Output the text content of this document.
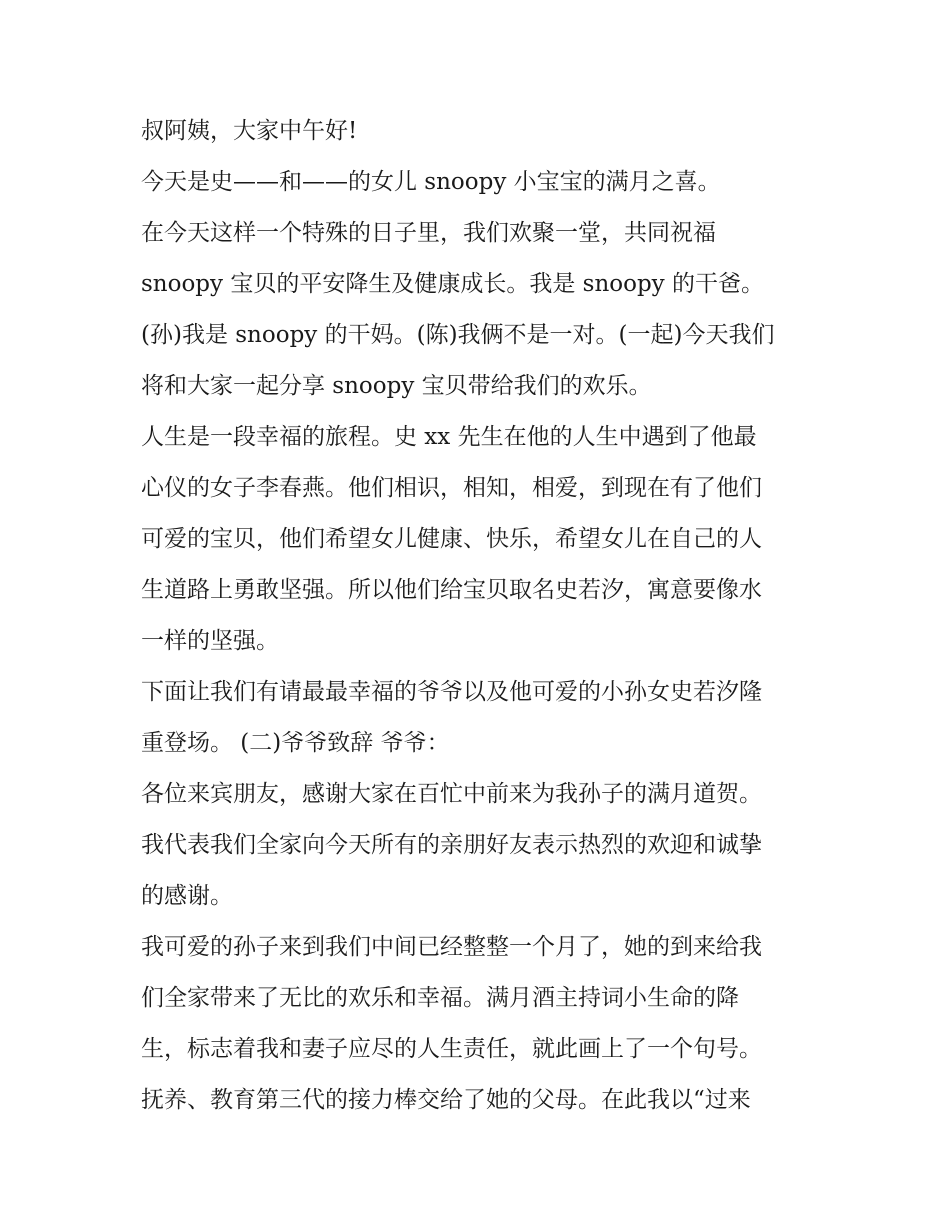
叔阿姨，大家中午好!
今天是史——和——的女儿 snoopy 小宝宝的满月之喜。
在今天这样一个特殊的日子里，我们欢聚一堂，共同祝福
snoopy 宝贝的平安降生及健康成长。我是 snoopy 的干爸。
(孙)我是 snoopy 的干妈。(陈)我俩不是一对。(一起)今天我们
将和大家一起分享 snoopy 宝贝带给我们的欢乐。
人生是一段幸福的旅程。史 xx 先生在他的人生中遇到了他最
心仪的女子李春燕。他们相识，相知，相爱，到现在有了他们
可爱的宝贝，他们希望女儿健康、快乐，希望女儿在自己的人
生道路上勇敢坚强。所以他们给宝贝取名史若汐，寓意要像水
一样的坚强。
下面让我们有请最最幸福的爷爷以及他可爱的小孙女史若汐隆
重登场。 (二)爷爷致辞 爷爷：
各位来宾朋友，感谢大家在百忙中前来为我孙子的满月道贺。
我代表我们全家向今天所有的亲朋好友表示热烈的欢迎和诚挚
的感谢。
我可爱的孙子来到我们中间已经整整一个月了，她的到来给我
们全家带来了无比的欢乐和幸福。满月酒主持词小生命的降
生，标志着我和妻子应尽的人生责任，就此画上了一个句号。
抚养、教育第三代的接力棒交给了她的父母。在此我以“过来
